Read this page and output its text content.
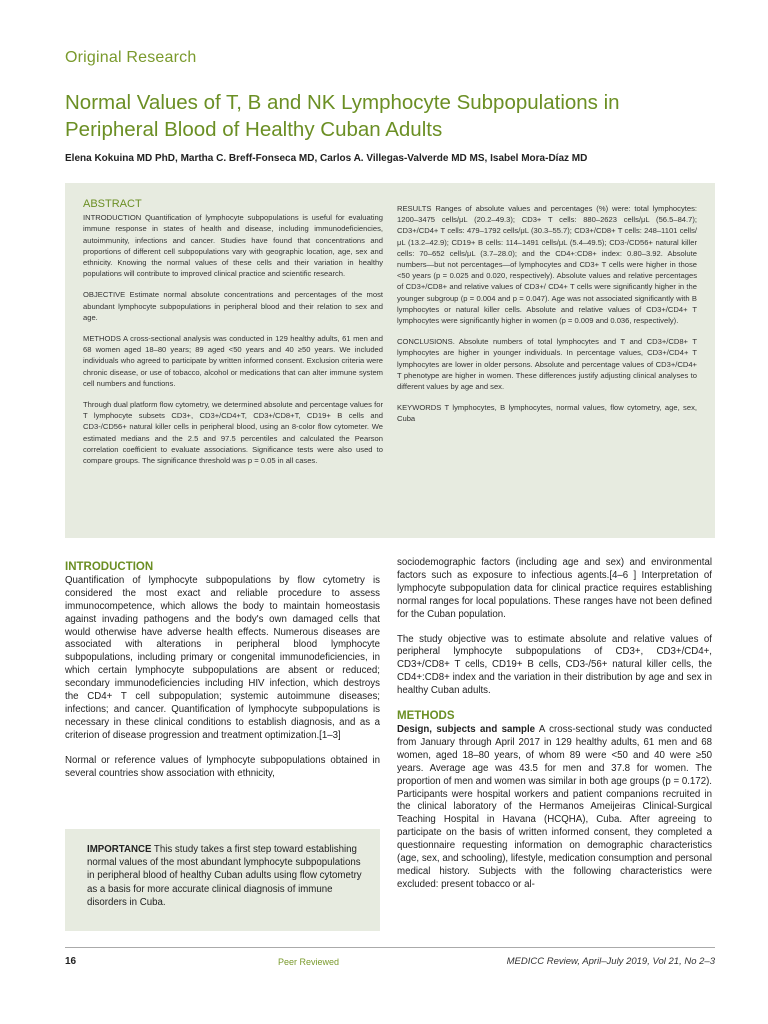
Original Research
Normal Values of T, B and NK Lymphocyte Subpopulations in Peripheral Blood of Healthy Cuban Adults
Elena Kokuina MD PhD, Martha C. Breff-Fonseca MD, Carlos A. Villegas-Valverde MD MS, Isabel Mora-Díaz MD
ABSTRACT

INTRODUCTION Quantification of lymphocyte subpopulations is useful for evaluating immune response in states of health and disease, including immunodeficiencies, autoimmunity, infections and cancer. Studies have found that concentrations and proportions of different cell subpopulations vary with geographic location, age, sex and ethnicity. Knowing the normal values of these cells and their variation in healthy populations will contribute to improved clinical practice and scientific research.

OBJECTIVE Estimate normal absolute concentrations and percentages of the most abundant lymphocyte subpopulations in peripheral blood and their relation to sex and age.

METHODS A cross-sectional analysis was conducted in 129 healthy adults, 61 men and 68 women aged 18–80 years; 89 aged <50 years and 40 ≥50 years. We included individuals who agreed to participate by written informed consent. Exclusion criteria were chronic disease, or use of tobacco, alcohol or medications that can alter immune system cell numbers and functions.

Through dual platform flow cytometry, we determined absolute and percentage values for T lymphocyte subsets CD3+, CD3+/CD4+T, CD3+/CD8+T, CD19+ B cells and CD3-/CD56+ natural killer cells in peripheral blood, using an 8-color flow cytometer. We estimated medians and the 2.5 and 97.5 percentiles and calculated the Pearson correlation coefficient to evaluate associations. Significance tests were also used to compare groups. The significance threshold was p = 0.05 in all cases.

RESULTS Ranges of absolute values and percentages (%) were: total lymphocytes: 1200–3475 cells/μL (20.2–49.3); CD3+ T cells: 880–2623 cells/μL (56.5–84.7); CD3+/CD4+ T cells: 479–1792 cells/μL (30.3–55.7); CD3+/CD8+ T cells: 248–1101 cells/μL (13.2–42.9); CD19+ B cells: 114–1491 cells/μL (5.4–49.5); CD3-/CD56+ natural killer cells: 70–652 cells/μL (3.7–28.0); and the CD4+:CD8+ index: 0.80–3.92. Absolute numbers—but not percentages—of lymphocytes and CD3+ T cells were higher in those <50 years (p = 0.025 and 0.020, respectively). Absolute values and relative percentages of CD3+/CD8+ and relative values of CD3+/ CD4+ T cells were significantly higher in the younger subgroup (p = 0.004 and p = 0.047). Age was not associated significantly with B lymphocytes or natural killer cells. Absolute and relative values of CD3+/CD4+ T lymphocytes were significantly higher in women (p = 0.009 and 0.036, respectively).

CONCLUSIONS. Absolute numbers of total lymphocytes and T and CD3+/CD8+ T lymphocytes are higher in younger individuals. In percentage values, CD3+/CD4+ T lymphocytes are lower in older persons. Absolute and percentage values of CD3+/CD4+ T phenotype are higher in women. These differences justify adjusting clinical analyses to different values by age and sex.

KEYWORDS T lymphocytes, B lymphocytes, normal values, flow cytometry, age, sex, Cuba

INTRODUCTION

Quantification of lymphocyte subpopulations by flow cytometry is considered the most exact and reliable procedure to assess immunocompetence, which allows the body to maintain homeostasis against invading pathogens and the body's own damaged cells that would otherwise have adverse health effects. Numerous diseases are associated with alterations in peripheral blood lymphocyte subpopulations, including primary or congenital immunodeficiencies, in which certain lymphocyte subpopulations are absent or reduced; secondary immunodeficiencies including HIV infection, which destroys the CD4+ T cell subpopulation; systemic autoimmune diseases; infections; and cancer. Quantification of lymphocyte subpopulations is necessary in these clinical conditions to establish diagnosis, and as a criterion of disease progression and treatment optimization.[1–3]

Normal or reference values of lymphocyte subpopulations obtained in several countries show association with ethnicity,

IMPORTANCE This study takes a first step toward establishing normal values of the most abundant lymphocyte subpopulations in peripheral blood of healthy Cuban adults using flow cytometry as a basis for more accurate clinical diagnosis of immune disorders in Cuba.

sociodemographic factors (including age and sex) and environmental factors such as exposure to infectious agents.[4–6 ] Interpretation of lymphocyte subpopulation data for clinical practice requires establishing normal ranges for local populations. These ranges have not been defined for the Cuban population.

The study objective was to estimate absolute and relative values of peripheral lymphocyte subpopulations of CD3+, CD3+/CD4+, CD3+/CD8+ T cells, CD19+ B cells, CD3-/56+ natural killer cells, the CD4+:CD8+ index and the variation in their distribution by age and sex in healthy Cuban adults.

METHODS

Design, subjects and sample A cross-sectional study was conducted from January through April 2017 in 129 healthy adults, 61 men and 68 women, aged 18–80 years, of whom 89 were <50 and 40 were ≥50 years. Average age was 43.5 for men and 37.8 for women. The proportion of men and women was similar in both age groups (p = 0.172). Participants were hospital workers and patient companions recruited in the clinical laboratory of the Hermanos Ameijeiras Clinical-Surgical Teaching Hospital in Havana (HCQHA), Cuba. After agreeing to participate on the basis of written informed consent, they completed a questionnaire requesting information on demographic characteristics (age, sex, and schooling), lifestyle, medication consumption and personal medical history. Subjects with the following characteristics were excluded: present tobacco or al-

16	Peer Reviewed	MEDICC Review, April–July 2019, Vol 21, No 2–3
